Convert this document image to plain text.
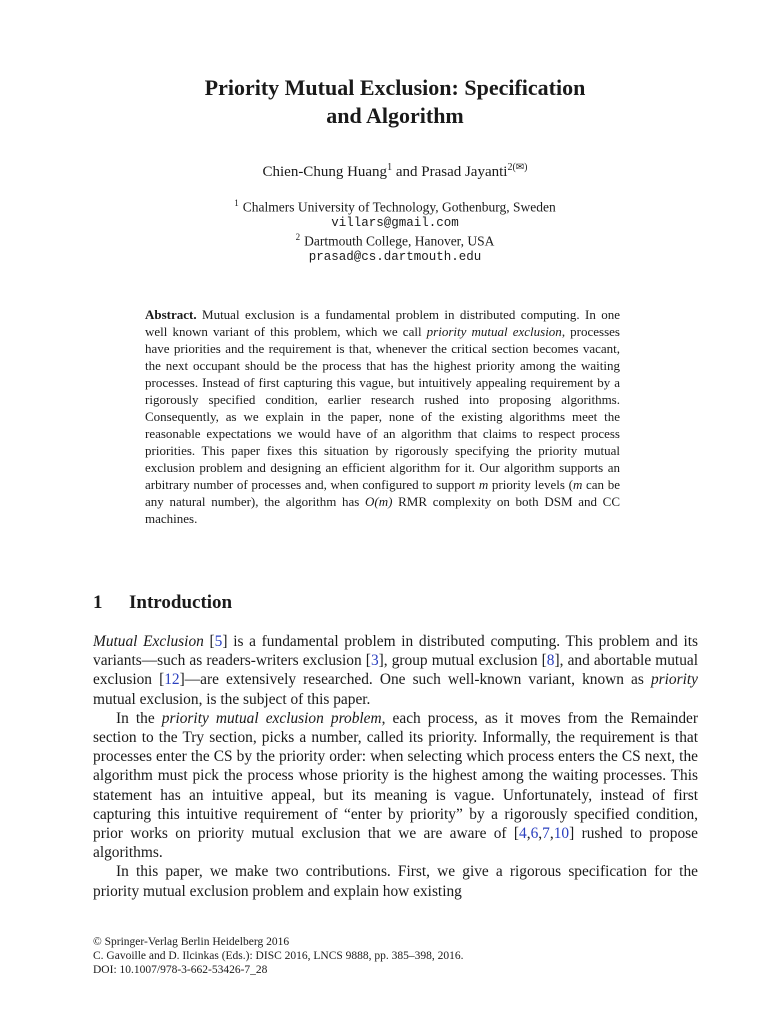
Priority Mutual Exclusion: Specification
and Algorithm
Chien-Chung Huang$^1$ and Prasad Jayanti$^{2(✉)}$
$^1$ Chalmers University of Technology, Gothenburg, Sweden
villars@gmail.com
$^2$ Dartmouth College, Hanover, USA
prasad@cs.dartmouth.edu
Abstract. Mutual exclusion is a fundamental problem in distributed computing. In one well known variant of this problem, which we call priority mutual exclusion, processes have priorities and the requirement is that, whenever the critical section becomes vacant, the next occupant should be the process that has the highest priority among the waiting processes. Instead of first capturing this vague, but intuitively appealing requirement by a rigorously specified condition, earlier research rushed into proposing algorithms. Consequently, as we explain in the paper, none of the existing algorithms meet the reasonable expectations we would have of an algorithm that claims to respect process priorities. This paper fixes this situation by rigorously specifying the priority mutual exclusion problem and designing an efficient algorithm for it. Our algorithm supports an arbitrary number of processes and, when configured to support m priority levels (m can be any natural number), the algorithm has O(m) RMR complexity on both DSM and CC machines.
1 Introduction

Mutual Exclusion [5] is a fundamental problem in distributed computing. This problem and its variants—such as readers-writers exclusion [3], group mutual exclusion [8], and abortable mutual exclusion [12]—are extensively researched. One such well-known variant, known as priority mutual exclusion, is the subject of this paper.

In the priority mutual exclusion problem, each process, as it moves from the Remainder section to the Try section, picks a number, called its priority. Informally, the requirement is that processes enter the CS by the priority order: when selecting which process enters the CS next, the algorithm must pick the process whose priority is the highest among the waiting processes. This statement has an intuitive appeal, but its meaning is vague. Unfortunately, instead of first capturing this intuitive requirement of “enter by priority” by a rigorously specified condition, prior works on priority mutual exclusion that we are aware of [4,6,7,10] rushed to propose algorithms.

In this paper, we make two contributions. First, we give a rigorous specification for the priority mutual exclusion problem and explain how existing

© Springer-Verlag Berlin Heidelberg 2016
C. Gavoille and D. Ilcinkas (Eds.): DISC 2016, LNCS 9888, pp. 385–398, 2016.
DOI: 10.1007/978-3-662-53426-7_28
